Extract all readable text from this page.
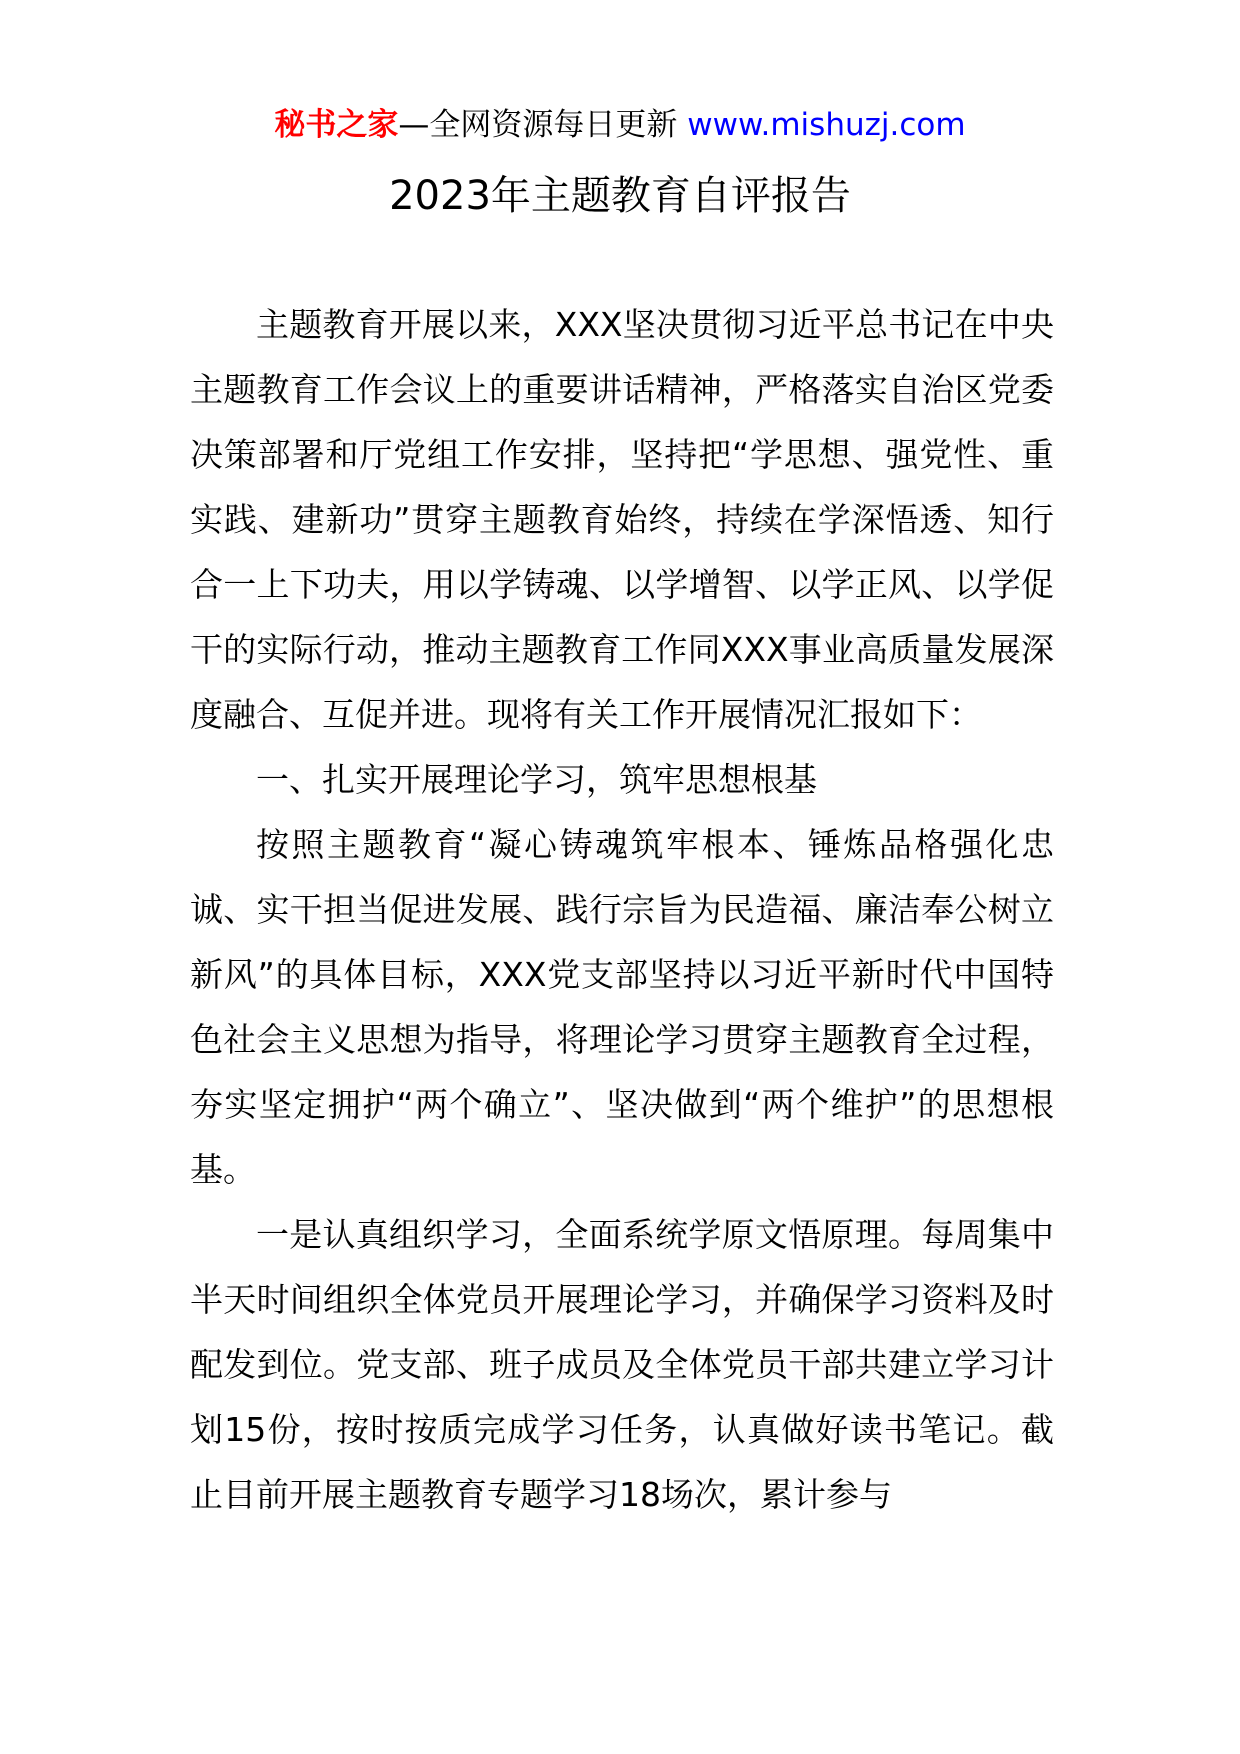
秘书之家—全网资源每日更新 www.mishuzj.com
2023年主题教育自评报告

主题教育开展以来，XXX坚决贯彻习近平总书记在中央主题教育工作会议上的重要讲话精神，严格落实自治区党委决策部署和厅党组工作安排，坚持把“学思想、强党性、重实践、建新功”贯穿主题教育始终，持续在学深悟透、知行合一上下功夫，用以学铸魂、以学增智、以学正风、以学促干的实际行动，推动主题教育工作同XXX事业高质量发展深度融合、互促并进。现将有关工作开展情况汇报如下：

一、扎实开展理论学习，筑牢思想根基

按照主题教育“凝心铸魂筑牢根本、锤炼品格强化忠诚、实干担当促进发展、践行宗旨为民造福、廉洁奉公树立新风”的具体目标，XXX党支部坚持以习近平新时代中国特色社会主义思想为指导，将理论学习贯穿主题教育全过程，夯实坚定拥护“两个确立”、坚决做到“两个维护”的思想根基。

一是认真组织学习，全面系统学原文悟原理。每周集中半天时间组织全体党员开展理论学习，并确保学习资料及时配发到位。党支部、班子成员及全体党员干部共建立学习计划15份，按时按质完成学习任务，认真做好读书笔记。截止目前开展主题教育专题学习18场次，累计参与
